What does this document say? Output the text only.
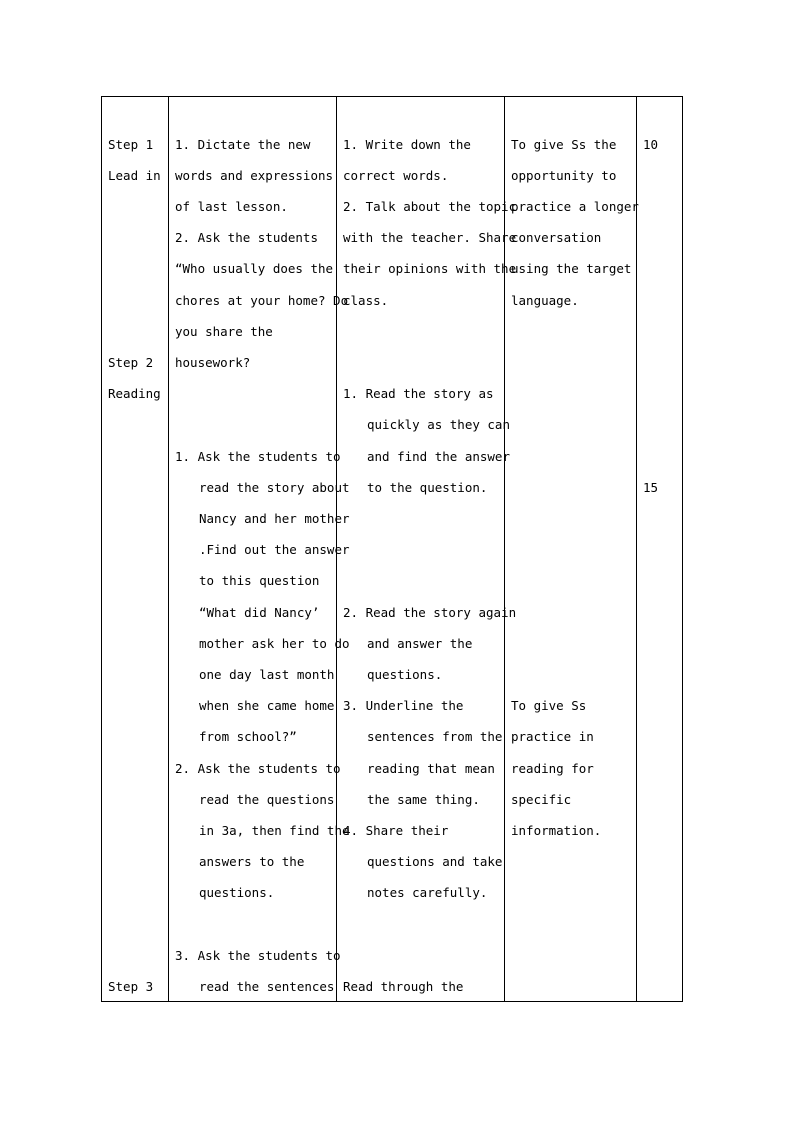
Step 1
Lead in
Step 2
Reading
Step 3
1. Dictate the new
words and expressions
of last lesson.
2. Ask the students
“Who usually does the
chores at your home? Do
you share the
housework?
1. Ask the students to
read the story about
Nancy and her mother
.Find out the answer
to this question
“What did Nancy’
mother ask her to do
one day last month
when she came home
from school?”
2. Ask the students to
read the questions
in 3a, then find the
answers to the
questions.
3. Ask the students to
read the sentences
1. Write down the
correct words.
2. Talk about the topic
with the teacher. Share
their opinions with the
class.
1. Read the story as
quickly as they can
and find the answer
to the question.
2. Read the story again
and answer the
questions.
3. Underline the
sentences from the
reading that mean
the same thing.
4. Share their
questions and take
notes carefully.
Read through the
To give Ss the
opportunity to
practice a longer
conversation
using the target
language.
To give Ss
practice in
reading for
specific
information.
10
15
